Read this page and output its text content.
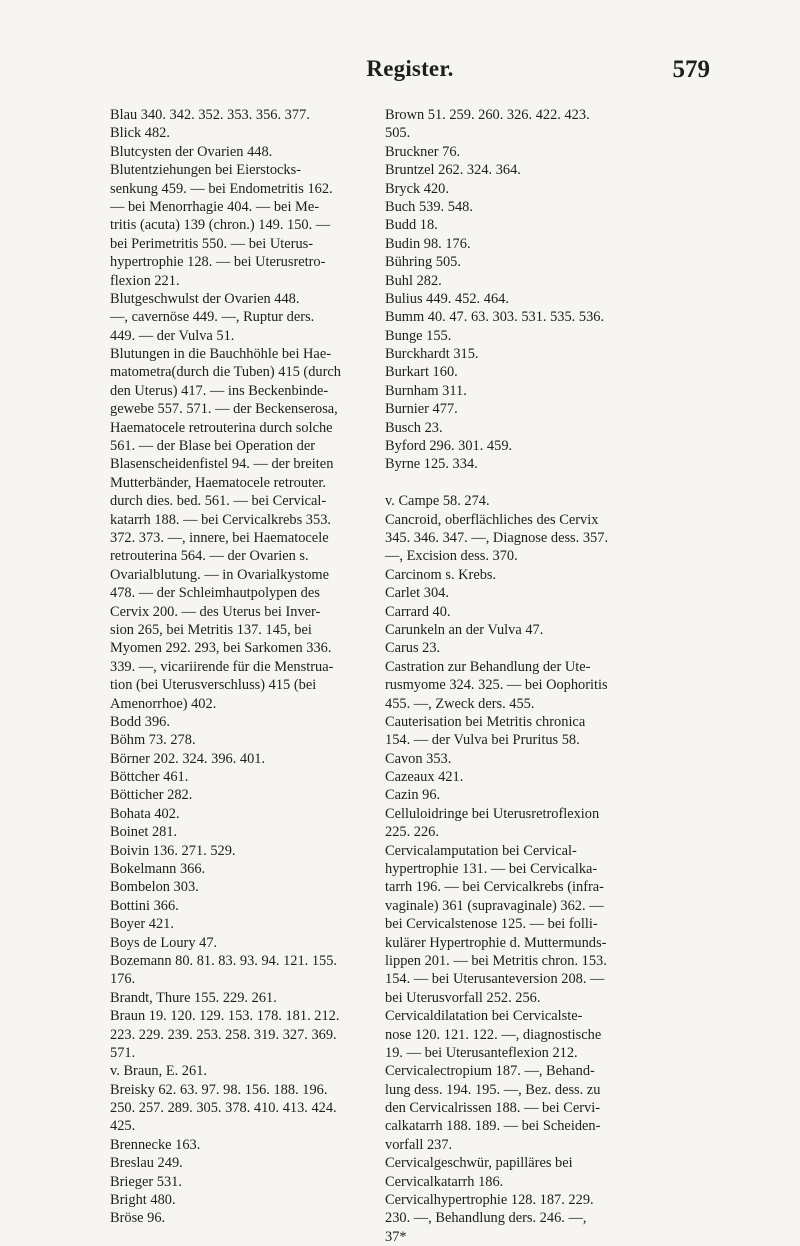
Register.	579
Blau 340. 342. 352. 353. 356. 377.
Blick 482.
Blutcysten der Ovarien 448.
Blutentziehungen bei Eierstocks-
senkung 459. — bei Endometritis 162.
— bei Menorrhagie 404. — bei Me-
tritis (acuta) 139 (chron.) 149. 150. —
bei Perimetritis 550. — bei Uterus-
hypertrophie 128. — bei Uterusretro-
flexion 221.
Blutgeschwulst der Ovarien 448.
—, cavernöse 449. —, Ruptur ders.
449. — der Vulva 51.
Blutungen in die Bauchhöhle bei Hae-
matometra(durch die Tuben) 415 (durch
den Uterus) 417. — ins Beckenbinde-
gewebe 557. 571. — der Beckenserosa,
Haematocele retrouterina durch solche
561. — der Blase bei Operation der
Blasenscheidenfistel 94. — der breiten
Mutterbänder, Haematocele retrouter.
durch dies. bed. 561. — bei Cervical-
katarrh 188. — bei Cervicalkrebs 353.
372. 373. —, innere, bei Haematocele
retrouterina 564. — der Ovarien s.
Ovarialblutung. — in Ovarialkystome
478. — der Schleimhautpolypen des
Cervix 200. — des Uterus bei Inver-
sion 265, bei Metritis 137. 145, bei
Myomen 292. 293, bei Sarkomen 336.
339. —, vicariirende für die Menstrua-
tion (bei Uterusverschluss) 415 (bei
Amenorrhoe) 402.
Bodd 396.
Böhm 73. 278.
Börner 202. 324. 396. 401.
Böttcher 461.
Bötticher 282.
Bohata 402.
Boinet 281.
Boivin 136. 271. 529.
Bokelmann 366.
Bombelon 303.
Bottini 366.
Boyer 421.
Boys de Loury 47.
Bozemann 80. 81. 83. 93. 94. 121. 155.
176.
Brandt, Thure 155. 229. 261.
Braun 19. 120. 129. 153. 178. 181. 212.
223. 229. 239. 253. 258. 319. 327. 369.
571.
v. Braun, E. 261.
Breisky 62. 63. 97. 98. 156. 188. 196.
250. 257. 289. 305. 378. 410. 413. 424.
425.
Brennecke 163.
Breslau 249.
Brieger 531.
Bright 480.
Bröse 96.
Brown 51. 259. 260. 326. 422. 423.
505.
Bruckner 76.
Bruntzel 262. 324. 364.
Bryck 420.
Buch 539. 548.
Budd 18.
Budin 98. 176.
Bühring 505.
Buhl 282.
Bulius 449. 452. 464.
Bumm 40. 47. 63. 303. 531. 535. 536.
Bunge 155.
Burckhardt 315.
Burkart 160.
Burnham 311.
Burnier 477.
Busch 23.
Byford 296. 301. 459.
Byrne 125. 334.
v. Campe 58. 274.
Cancroid, oberflächliches des Cervix
345. 346. 347. —, Diagnose dess. 357.
—, Excision dess. 370.
Carcinom s. Krebs.
Carlet 304.
Carrard 40.
Carunkeln an der Vulva 47.
Carus 23.
Castration zur Behandlung der Ute-
rusmyome 324. 325. — bei Oophoritis
455. —, Zweck ders. 455.
Cauterisation bei Metritis chronica
154. — der Vulva bei Pruritus 58.
Cavon 353.
Cazeaux 421.
Cazin 96.
Celluloidringe bei Uterusretroflexion
225. 226.
Cervicalamputation bei Cervical-
hypertrophie 131. — bei Cervicalka-
tarrh 196. — bei Cervicalkrebs (infra-
vaginale) 361 (supravaginale) 362. —
bei Cervicalstenose 125. — bei folli-
kulärer Hypertrophie d. Muttermunds-
lippen 201. — bei Metritis chron. 153.
154. — bei Uterusanteversion 208. —
bei Uterusvorfall 252. 256.
Cervicaldilatation bei Cervicalste-
nose 120. 121. 122. —, diagnostische
19. — bei Uterusanteflexion 212.
Cervicalectropium 187. —, Behand-
lung dess. 194. 195. —, Bez. dess. zu
den Cervicalrissen 188. — bei Cervi-
calkatarrh 188. 189. — bei Scheiden-
vorfall 237.
Cervicalgeschwür, papilläres bei
Cervicalkatarrh 186.
Cervicalhypertrophie 128. 187. 229.
230. —, Behandlung ders. 246. —,
37*
